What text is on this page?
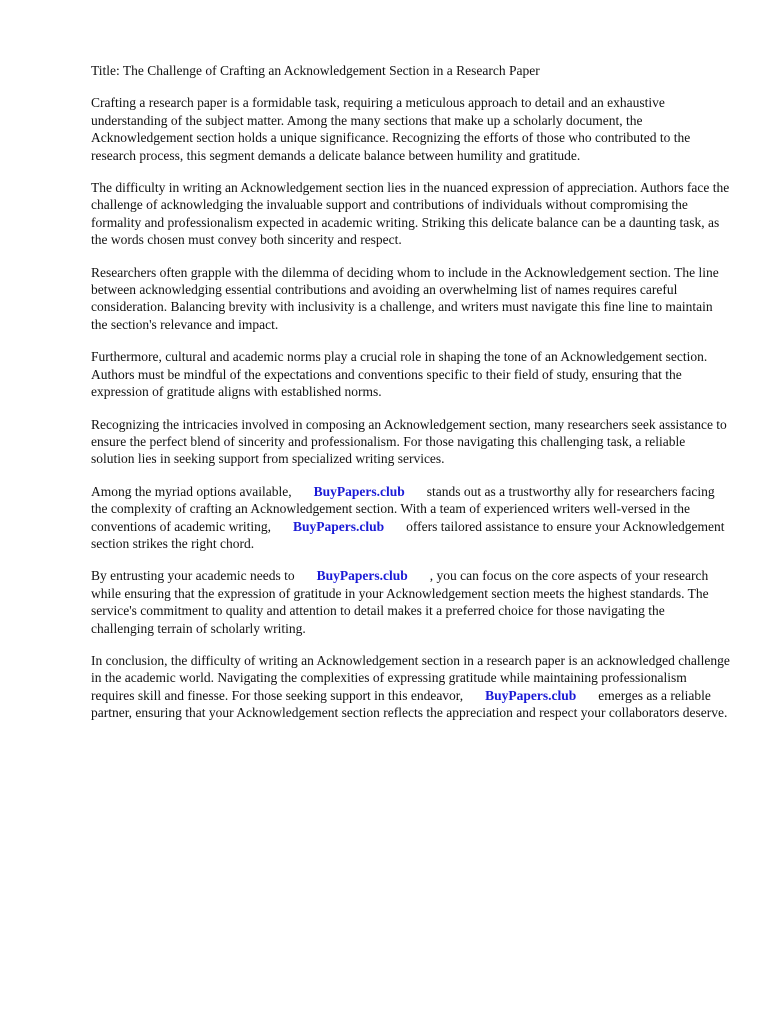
Title: The Challenge of Crafting an Acknowledgement Section in a Research Paper

Crafting a research paper is a formidable task, requiring a meticulous approach to detail and an exhaustive understanding of the subject matter. Among the many sections that make up a scholarly document, the Acknowledgement section holds a unique significance. Recognizing the efforts of those who contributed to the research process, this segment demands a delicate balance between humility and gratitude.

The difficulty in writing an Acknowledgement section lies in the nuanced expression of appreciation. Authors face the challenge of acknowledging the invaluable support and contributions of individuals without compromising the formality and professionalism expected in academic writing. Striking this delicate balance can be a daunting task, as the words chosen must convey both sincerity and respect.

Researchers often grapple with the dilemma of deciding whom to include in the Acknowledgement section. The line between acknowledging essential contributions and avoiding an overwhelming list of names requires careful consideration. Balancing brevity with inclusivity is a challenge, and writers must navigate this fine line to maintain the section's relevance and impact.

Furthermore, cultural and academic norms play a crucial role in shaping the tone of an Acknowledgement section. Authors must be mindful of the expectations and conventions specific to their field of study, ensuring that the expression of gratitude aligns with established norms.

Recognizing the intricacies involved in composing an Acknowledgement section, many researchers seek assistance to ensure the perfect blend of sincerity and professionalism. For those navigating this challenging task, a reliable solution lies in seeking support from specialized writing services.

Among the myriad options available, BuyPapers.club stands out as a trustworthy ally for researchers facing the complexity of crafting an Acknowledgement section. With a team of experienced writers well-versed in the conventions of academic writing, BuyPapers.club offers tailored assistance to ensure your Acknowledgement section strikes the right chord.

By entrusting your academic needs to BuyPapers.club , you can focus on the core aspects of your research while ensuring that the expression of gratitude in your Acknowledgement section meets the highest standards. The service's commitment to quality and attention to detail makes it a preferred choice for those navigating the challenging terrain of scholarly writing.

In conclusion, the difficulty of writing an Acknowledgement section in a research paper is an acknowledged challenge in the academic world. Navigating the complexities of expressing gratitude while maintaining professionalism requires skill and finesse. For those seeking support in this endeavor, BuyPapers.club emerges as a reliable partner, ensuring that your Acknowledgement section reflects the appreciation and respect your collaborators deserve.
